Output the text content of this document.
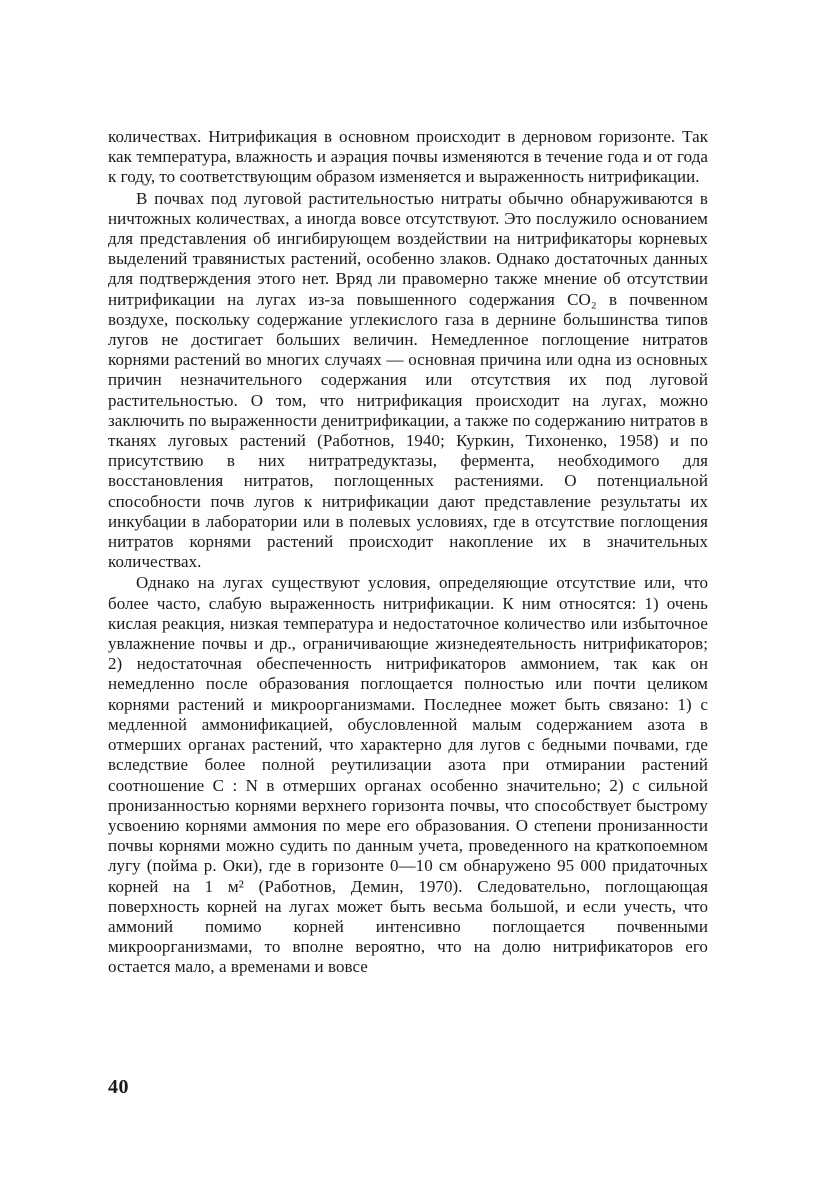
количествах. Нитрификация в основном происходит в дерновом горизонте. Так как температура, влажность и аэрация почвы изменяются в течение года и от года к году, то соответствующим образом изменяется и выраженность нитрификации.

В почвах под луговой растительностью нитраты обычно обнаруживаются в ничтожных количествах, а иногда вовсе отсутствуют. Это послужило основанием для представления об ингибирующем воздействии на нитрификаторы корневых выделений травянистых растений, особенно злаков. Однако достаточных данных для подтверждения этого нет. Вряд ли правомерно также мнение об отсутствии нитрификации на лугах из-за повышенного содержания CO₂ в почвенном воздухе, поскольку содержание углекислого газа в дернине большинства типов лугов не достигает больших величин. Немедленное поглощение нитратов корнями растений во многих случаях — основная причина или одна из основных причин незначительного содержания или отсутствия их под луговой растительностью. О том, что нитрификация происходит на лугах, можно заключить по выраженности денитрификации, а также по содержанию нитратов в тканях луговых растений (Работнов, 1940; Куркин, Тихоненко, 1958) и по присутствию в них нитратредуктазы, фермента, необходимого для восстановления нитратов, поглощенных растениями. О потенциальной способности почв лугов к нитрификации дают представление результаты их инкубации в лаборатории или в полевых условиях, где в отсутствие поглощения нитратов корнями растений происходит накопление их в значительных количествах.

Однако на лугах существуют условия, определяющие отсутствие или, что более часто, слабую выраженность нитрификации. К ним относятся: 1) очень кислая реакция, низкая температура и недостаточное количество или избыточное увлажнение почвы и др., ограничивающие жизнедеятельность нитрификаторов; 2) недостаточная обеспеченность нитрификаторов аммонием, так как он немедленно после образования поглощается полностью или почти целиком корнями растений и микроорганизмами. Последнее может быть связано: 1) с медленной аммонификацией, обусловленной малым содержанием азота в отмерших органах растений, что характерно для лугов с бедными почвами, где вследствие более полной реутилизации азота при отмирании растений соотношение C : N в отмерших органах особенно значительно; 2) с сильной пронизанностью корнями верхнего горизонта почвы, что способствует быстрому усвоению корнями аммония по мере его образования. О степени пронизанности почвы корнями можно судить по данным учета, проведенного на краткопоемном лугу (пойма р. Оки), где в горизонте 0—10 см обнаружено 95 000 придаточных корней на 1 м² (Работнов, Демин, 1970). Следовательно, поглощающая поверхность корней на лугах может быть весьма большой, и если учесть, что аммоний помимо корней интенсивно поглощается почвенными микроорганизмами, то вполне вероятно, что на долю нитрификаторов его остается мало, а временами и вовсе

40
